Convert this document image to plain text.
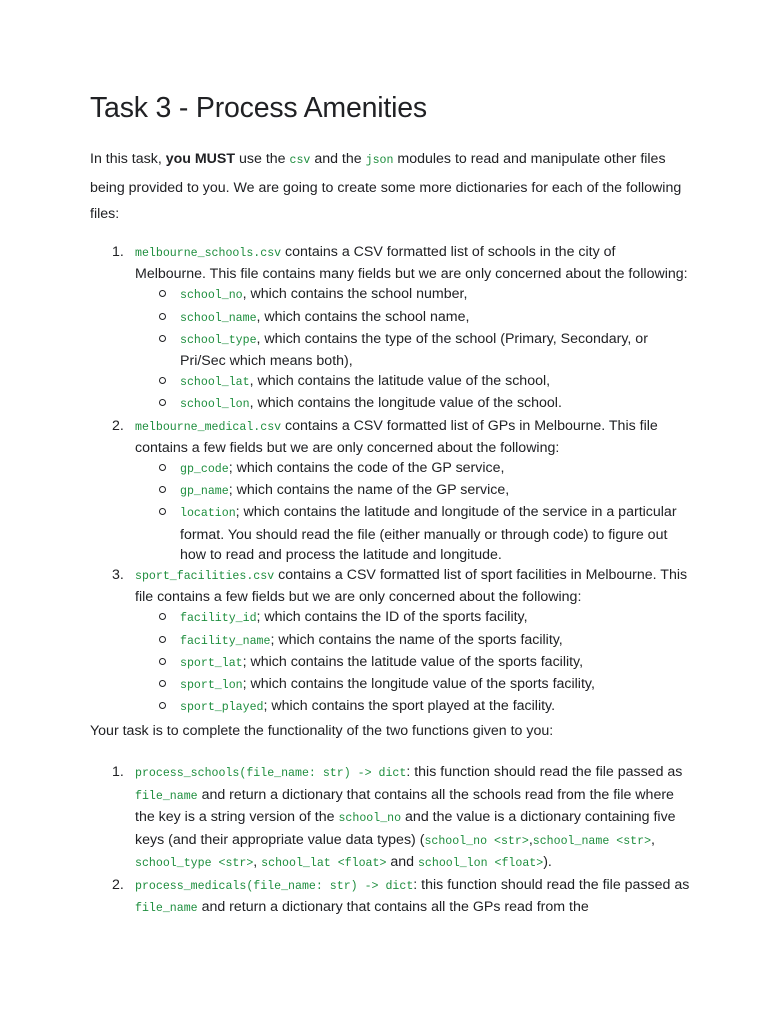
Task 3 - Process Amenities

In this task, you MUST use the csv and the json modules to read and manipulate other files being provided to you. We are going to create some more dictionaries for each of the following files:

1. melbourne_schools.csv contains a CSV formatted list of schools in the city of Melbourne. This file contains many fields but we are only concerned about the following:
school_no, which contains the school number,
school_name, which contains the school name,
school_type, which contains the type of the school (Primary, Secondary, or Pri/Sec which means both),
school_lat, which contains the latitude value of the school,
school_lon, which contains the longitude value of the school.
2. melbourne_medical.csv contains a CSV formatted list of GPs in Melbourne. This file contains a few fields but we are only concerned about the following:
gp_code; which contains the code of the GP service,
gp_name; which contains the name of the GP service,
location; which contains the latitude and longitude of the service in a particular format. You should read the file (either manually or through code) to figure out how to read and process the latitude and longitude.
3. sport_facilities.csv contains a CSV formatted list of sport facilities in Melbourne. This file contains a few fields but we are only concerned about the following:
facility_id; which contains the ID of the sports facility,
facility_name; which contains the name of the sports facility,
sport_lat; which contains the latitude value of the sports facility,
sport_lon; which contains the longitude value of the sports facility,
sport_played; which contains the sport played at the facility.

Your task is to complete the functionality of the two functions given to you:

1. process_schools(file_name: str) -> dict: this function should read the file passed as file_name and return a dictionary that contains all the schools read from the file where the key is a string version of the school_no and the value is a dictionary containing five keys (and their appropriate value data types) (school_no <str>,school_name <str>, school_type <str>, school_lat <float> and school_lon <float>).
2. process_medicals(file_name: str) -> dict: this function should read the file passed as file_name and return a dictionary that contains all the GPs read from the
